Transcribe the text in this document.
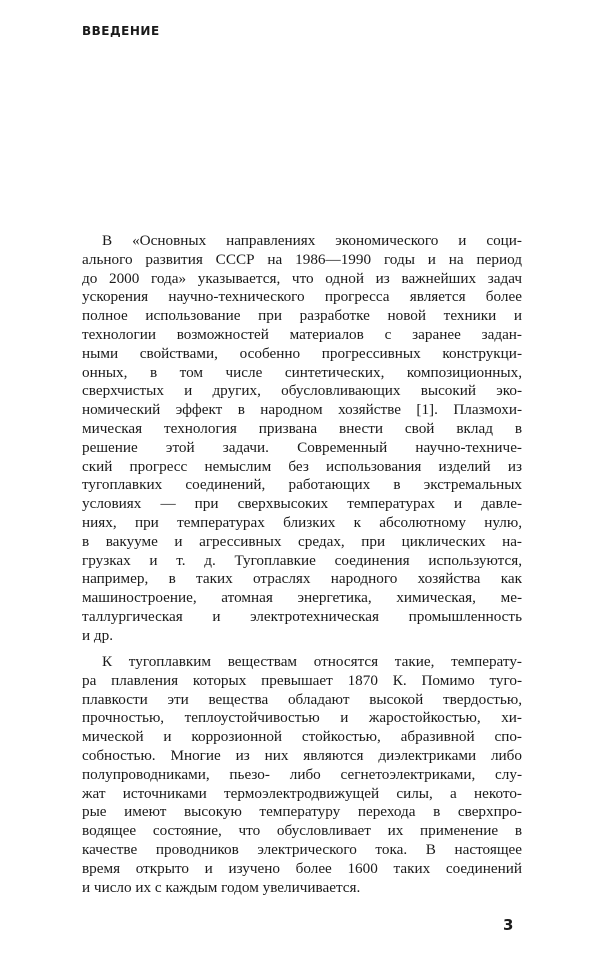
ВВЕДЕНИЕ
В «Основных направлениях экономического и соци-
ального развития СССР на 1986—1990 годы и на период
до 2000 года» указывается, что одной из важнейших задач
ускорения научно-технического прогресса является более
полное использование при разработке новой техники и
технологии возможностей материалов с заранее задан-
ными свойствами, особенно прогрессивных конструкци-
онных, в том числе синтетических, композиционных,
сверхчистых и других, обусловливающих высокий эко-
номический эффект в народном хозяйстве [1]. Плазмохи-
мическая технология призвана внести свой вклад в
решение этой задачи. Современный научно-техниче-
ский прогресс немыслим без использования изделий из
тугоплавких соединений, работающих в экстремальных
условиях — при сверхвысоких температурах и давле-
ниях, при температурах близких к абсолютному нулю,
в вакууме и агрессивных средах, при циклических на-
грузках и т. д. Тугоплавкие соединения используются,
например, в таких отраслях народного хозяйства как
машиностроение, атомная энергетика, химическая, ме-
таллургическая и электротехническая промышленность
и др.
К тугоплавким веществам относятся такие, температу-
ра плавления которых превышает 1870 К. Помимо туго-
плавкости эти вещества обладают высокой твердостью,
прочностью, теплоустойчивостью и жаростойкостью, хи-
мической и коррозионной стойкостью, абразивной спо-
собностью. Многие из них являются диэлектриками либо
полупроводниками, пьезо- либо сегнетоэлектриками, слу-
жат источниками термоэлектродвижущей силы, а некото-
рые имеют высокую температуру перехода в сверхпро-
водящее состояние, что обусловливает их применение в
качестве проводников электрического тока. В настоящее
время открыто и изучено более 1600 таких соединений
и число их с каждым годом увеличивается.
3
